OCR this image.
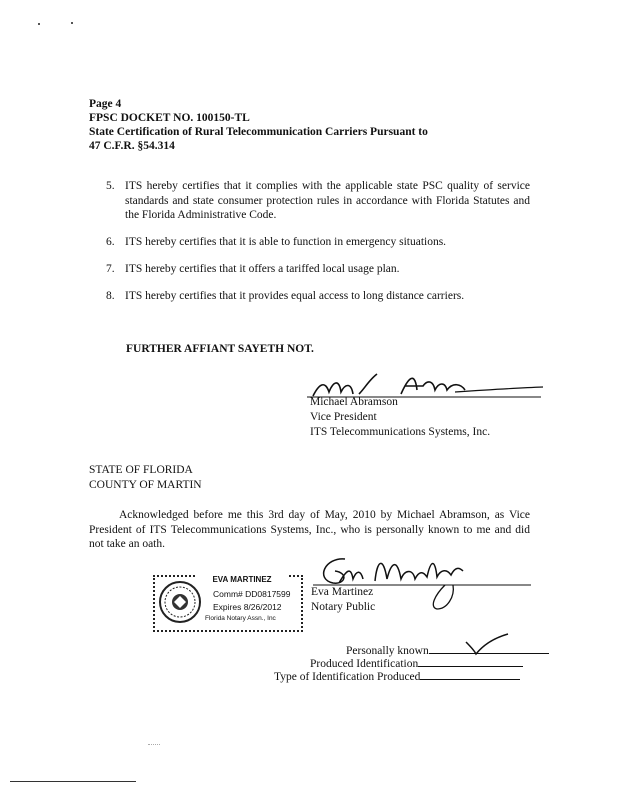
Page 4
FPSC DOCKET NO. 100150-TL
State Certification of Rural Telecommunication Carriers Pursuant to
47 C.F.R. §54.314
5. ITS hereby certifies that it complies with the applicable state PSC quality of service standards and state consumer protection rules in accordance with Florida Statutes and the Florida Administrative Code.
6. ITS hereby certifies that it is able to function in emergency situations.
7. ITS hereby certifies that it offers a tariffed local usage plan.
8. ITS hereby certifies that it provides equal access to long distance carriers.
FURTHER AFFIANT SAYETH NOT.
Michael Abramson
Vice President
ITS Telecommunications Systems, Inc.
STATE OF FLORIDA
COUNTY OF MARTIN
Acknowledged before me this 3rd day of May, 2010 by Michael Abramson, as Vice President of ITS Telecommunications Systems, Inc., who is personally known to me and did not take an oath.
EVA MARTINEZ
Comm# DD0817599
Expires 8/26/2012
Florida Notary Assn., Inc
Eva Martinez
Notary Public
Personally known
Produced Identification
Type of Identification Produced
